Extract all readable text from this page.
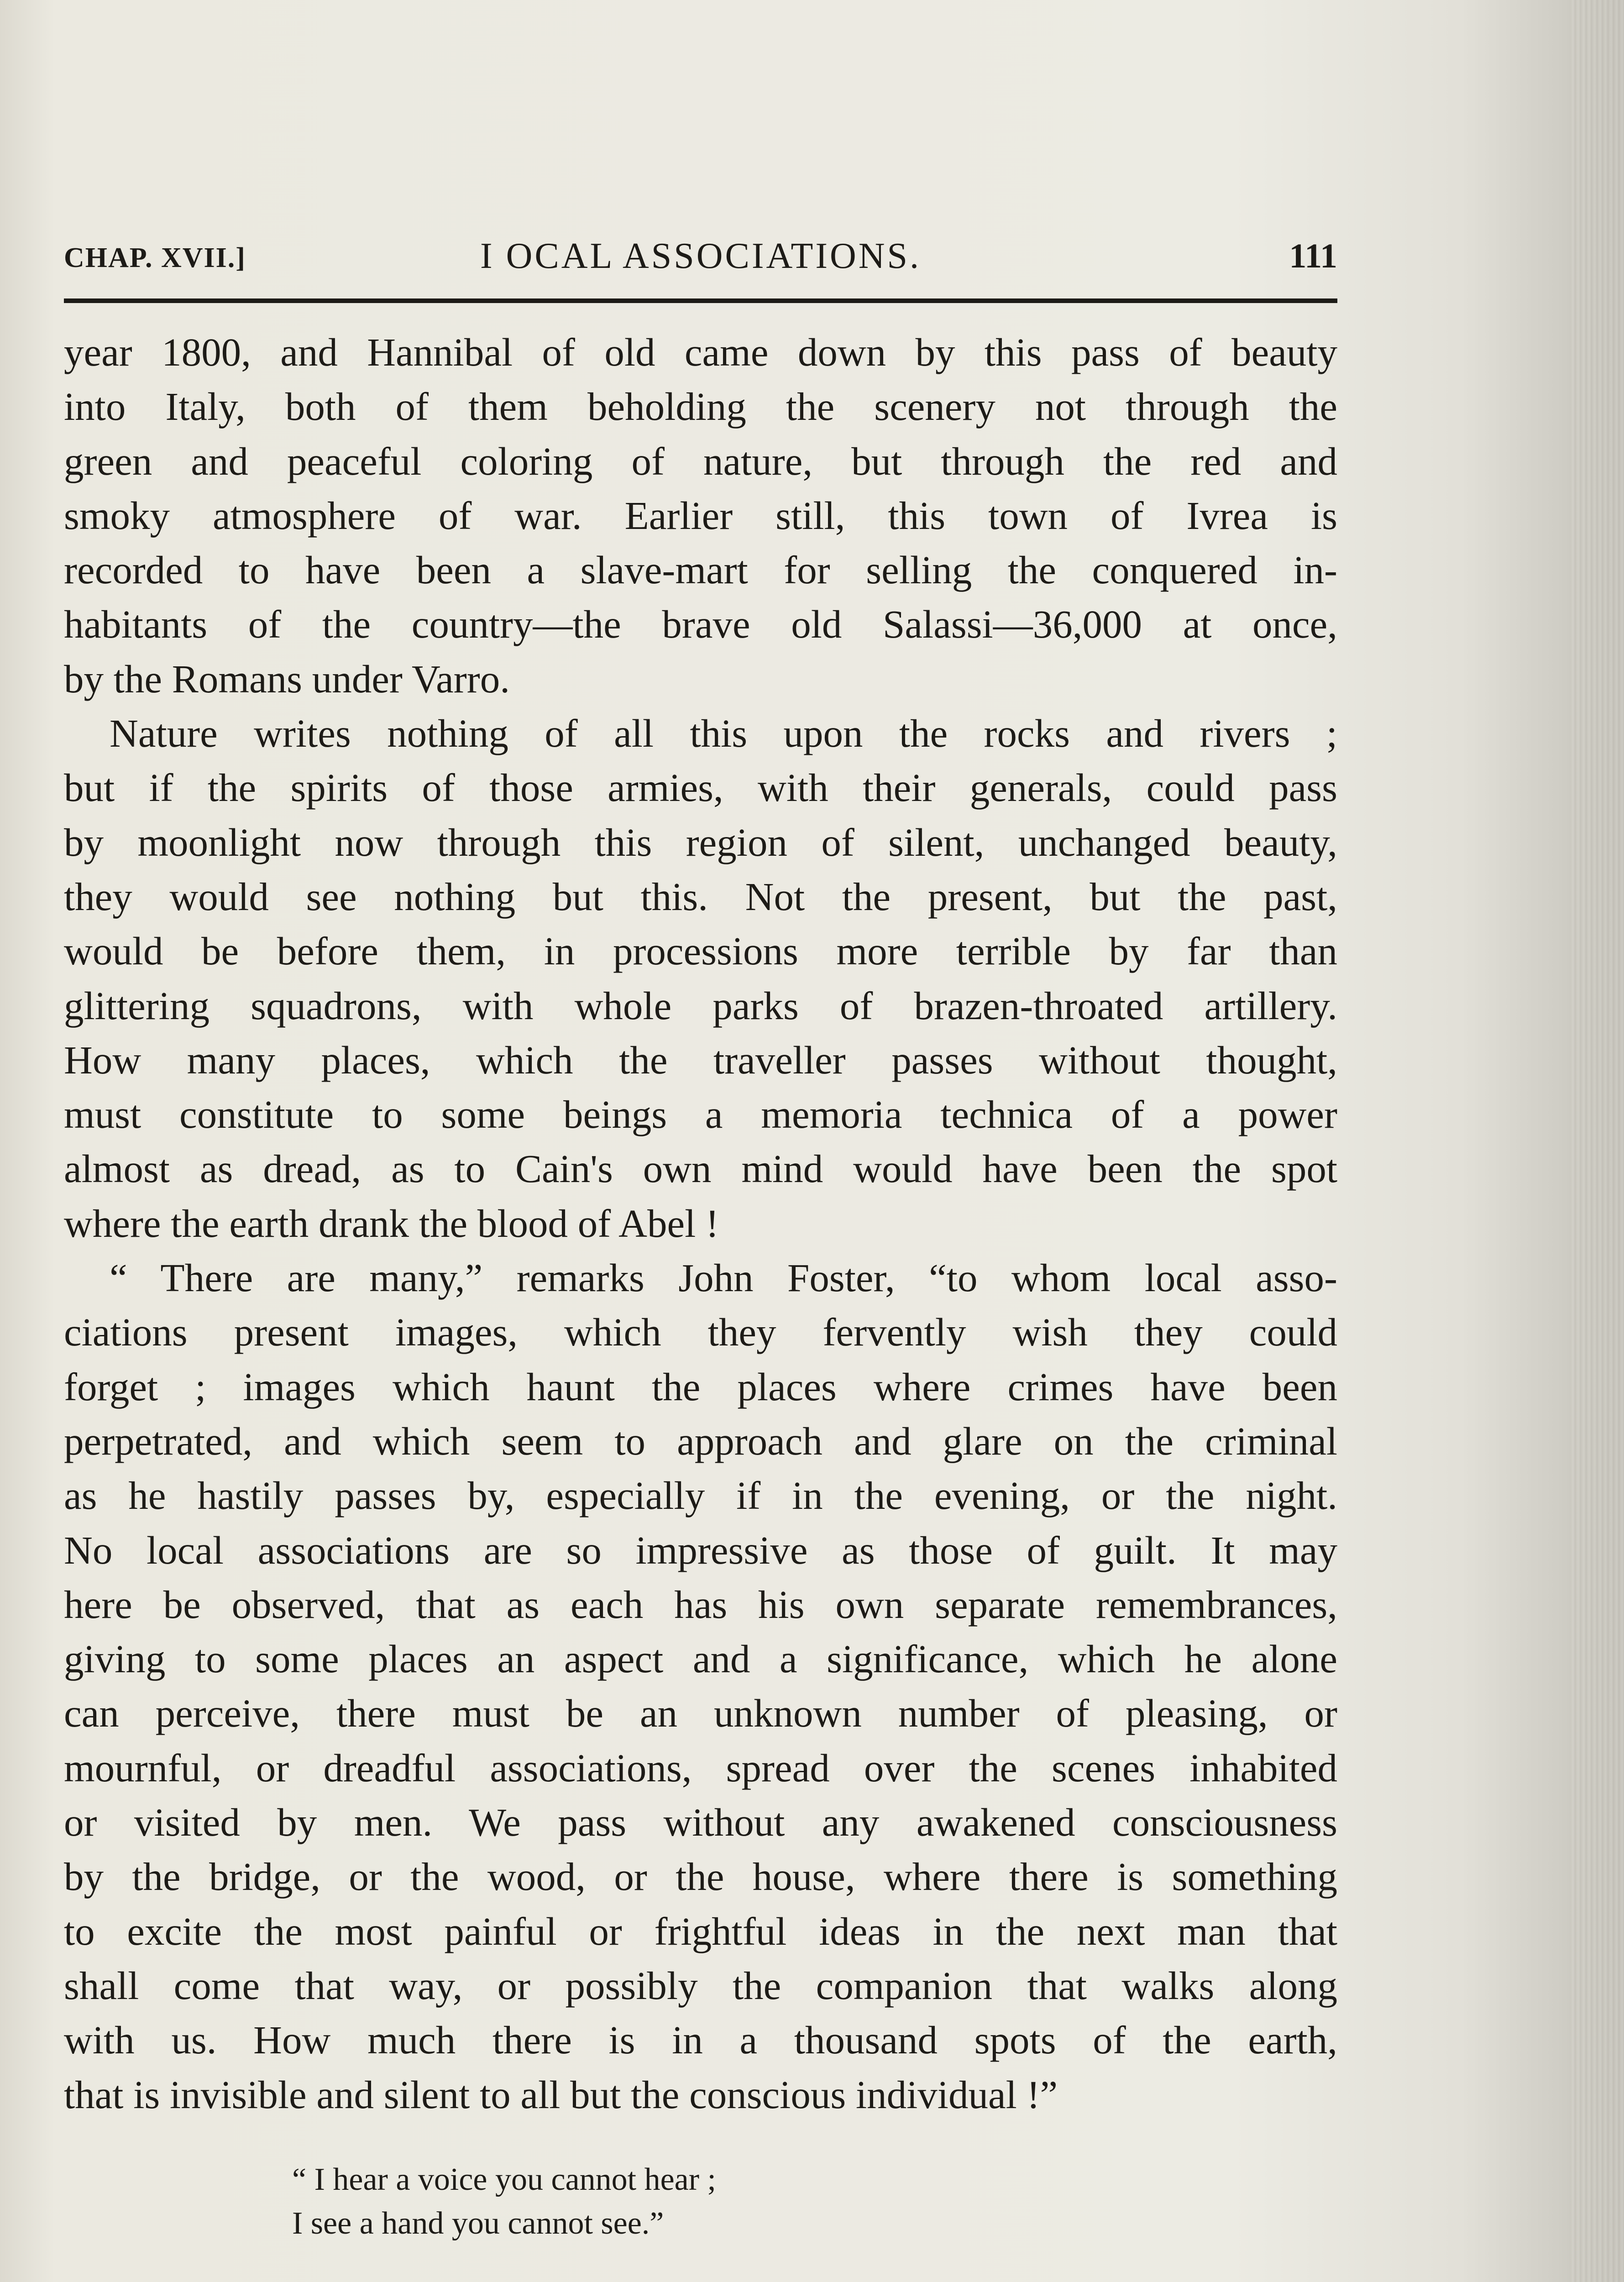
CHAP. XVII.]	I OCAL ASSOCIATIONS.	111
year 1800, and Hannibal of old came down by this pass of beauty
into Italy, both of them beholding the scenery not through the
green and peaceful coloring of nature, but through the red and
smoky atmosphere of war. Earlier still, this town of Ivrea is
recorded to have been a slave-mart for selling the conquered in-
habitants of the country—the brave old Salassi—36,000 at once,
by the Romans under Varro.
Nature writes nothing of all this upon the rocks and rivers ;
but if the spirits of those armies, with their generals, could pass
by moonlight now through this region of silent, unchanged beauty,
they would see nothing but this. Not the present, but the past,
would be before them, in processions more terrible by far than
glittering squadrons, with whole parks of brazen-throated artillery.
How many places, which the traveller passes without thought,
must constitute to some beings a memoria technica of a power
almost as dread, as to Cain's own mind would have been the spot
where the earth drank the blood of Abel !
“ There are many,” remarks John Foster, “to whom local asso-
ciations present images, which they fervently wish they could
forget ; images which haunt the places where crimes have been
perpetrated, and which seem to approach and glare on the criminal
as he hastily passes by, especially if in the evening, or the night.
No local associations are so impressive as those of guilt. It may
here be observed, that as each has his own separate remembrances,
giving to some places an aspect and a significance, which he alone
can perceive, there must be an unknown number of pleasing, or
mournful, or dreadful associations, spread over the scenes inhabited
or visited by men. We pass without any awakened consciousness
by the bridge, or the wood, or the house, where there is something
to excite the most painful or frightful ideas in the next man that
shall come that way, or possibly the companion that walks along
with us. How much there is in a thousand spots of the earth,
that is invisible and silent to all but the conscious individual !”
“ I hear a voice you cannot hear ;
I see a hand you cannot see.”
